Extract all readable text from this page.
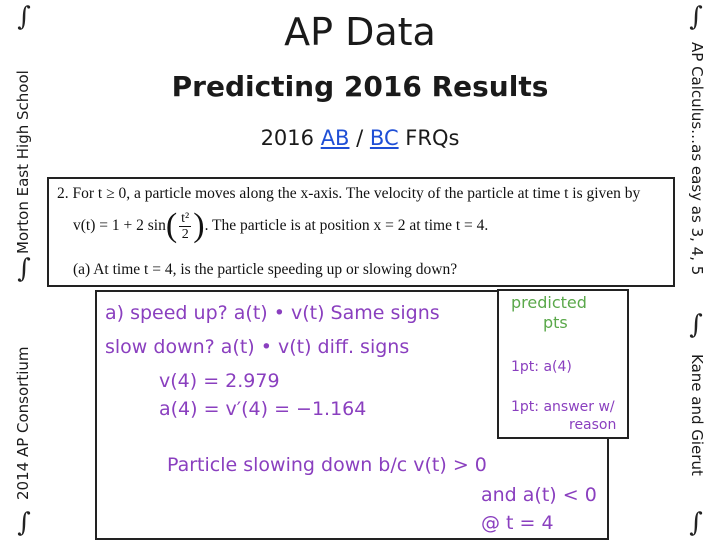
∫
Morton East High School
∫
2014 AP Consortium
∫
∫
AP Calculus…as easy as 3, 4, 5
∫
Kane and Gierut
∫
AP Data
Predicting 2016 Results
2016 AB / BC FRQs
2. For t ≥ 0, a particle moves along the x-axis. The velocity of the particle at time t is given by
v(t) = 1 + 2 sin ( $\frac{\text{t²}}{2}$ ) . The particle is at position x = 2 at time t = 4.
(a) At time t = 4, is the particle speeding up or slowing down?
a) speed up? a(t) • v(t) Same signs
slow down? a(t) • v(t) diff. signs
v(4) = 2.979
a(4) = v′(4) = −1.164
Particle slowing down b/c v(t) > 0
and a(t) < 0
@ t = 4
predicted
pts
1pt: a(4)
1pt: answer w/
reason
